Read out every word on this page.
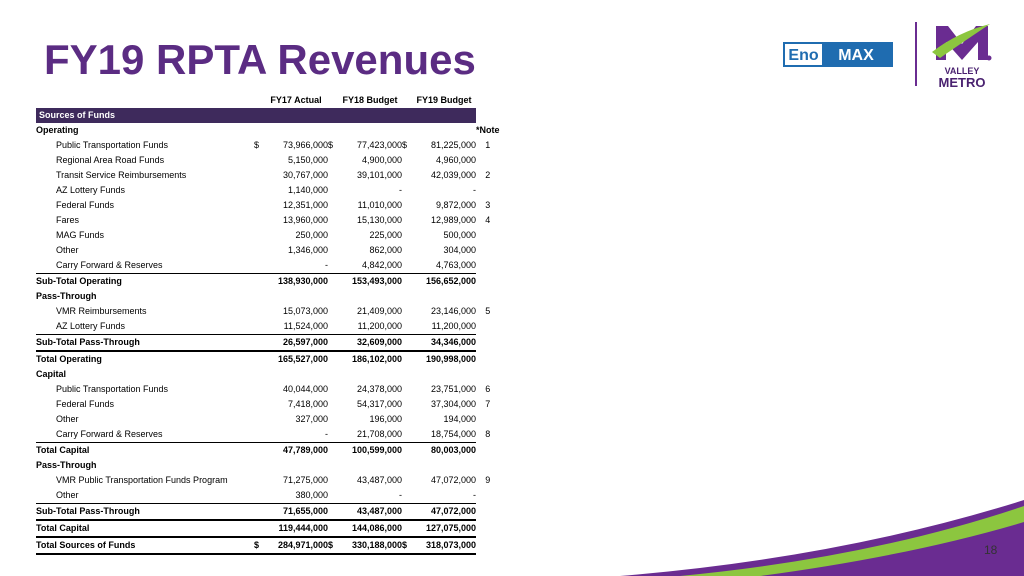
FY19 RPTA Revenues	Eno MAX
VALLEY
METRO
		FY17 Actual		FY18 Budget		FY19 Budget	
Sources of Funds							
Operating							*Note
Public Transportation Funds	$	73,966,000	$	77,423,000	$	81,225,000	1
Regional Area Road Funds		5,150,000		4,900,000		4,960,000	
Transit Service Reimbursements		30,767,000		39,101,000		42,039,000	2
AZ Lottery Funds		1,140,000		-		-	
Federal Funds		12,351,000		11,010,000		9,872,000	3
Fares		13,960,000		15,130,000		12,989,000	4
MAG Funds		250,000		225,000		500,000	
Other		1,346,000		862,000		304,000	
Carry Forward & Reserves		-		4,842,000		4,763,000	
Sub-Total Operating		138,930,000		153,493,000		156,652,000	
Pass-Through							
VMR Reimbursements		15,073,000		21,409,000		23,146,000	5
AZ Lottery Funds		11,524,000		11,200,000		11,200,000	
Sub-Total Pass-Through		26,597,000		32,609,000		34,346,000	
Total Operating		165,527,000		186,102,000		190,998,000	
Capital							
Public Transportation Funds		40,044,000		24,378,000		23,751,000	6
Federal Funds		7,418,000		54,317,000		37,304,000	7
Other		327,000		196,000		194,000	
Carry Forward & Reserves		-		21,708,000		18,754,000	8
Total Capital		47,789,000		100,599,000		80,003,000	
Pass-Through							
VMR Public Transportation Funds Program		71,275,000		43,487,000		47,072,000	9
Other		380,000		-		-	
Sub-Total Pass-Through		71,655,000		43,487,000		47,072,000	
Total Capital		119,444,000		144,086,000		127,075,000	
Total Sources of Funds	$	284,971,000	$	330,188,000	$	318,073,000		18
